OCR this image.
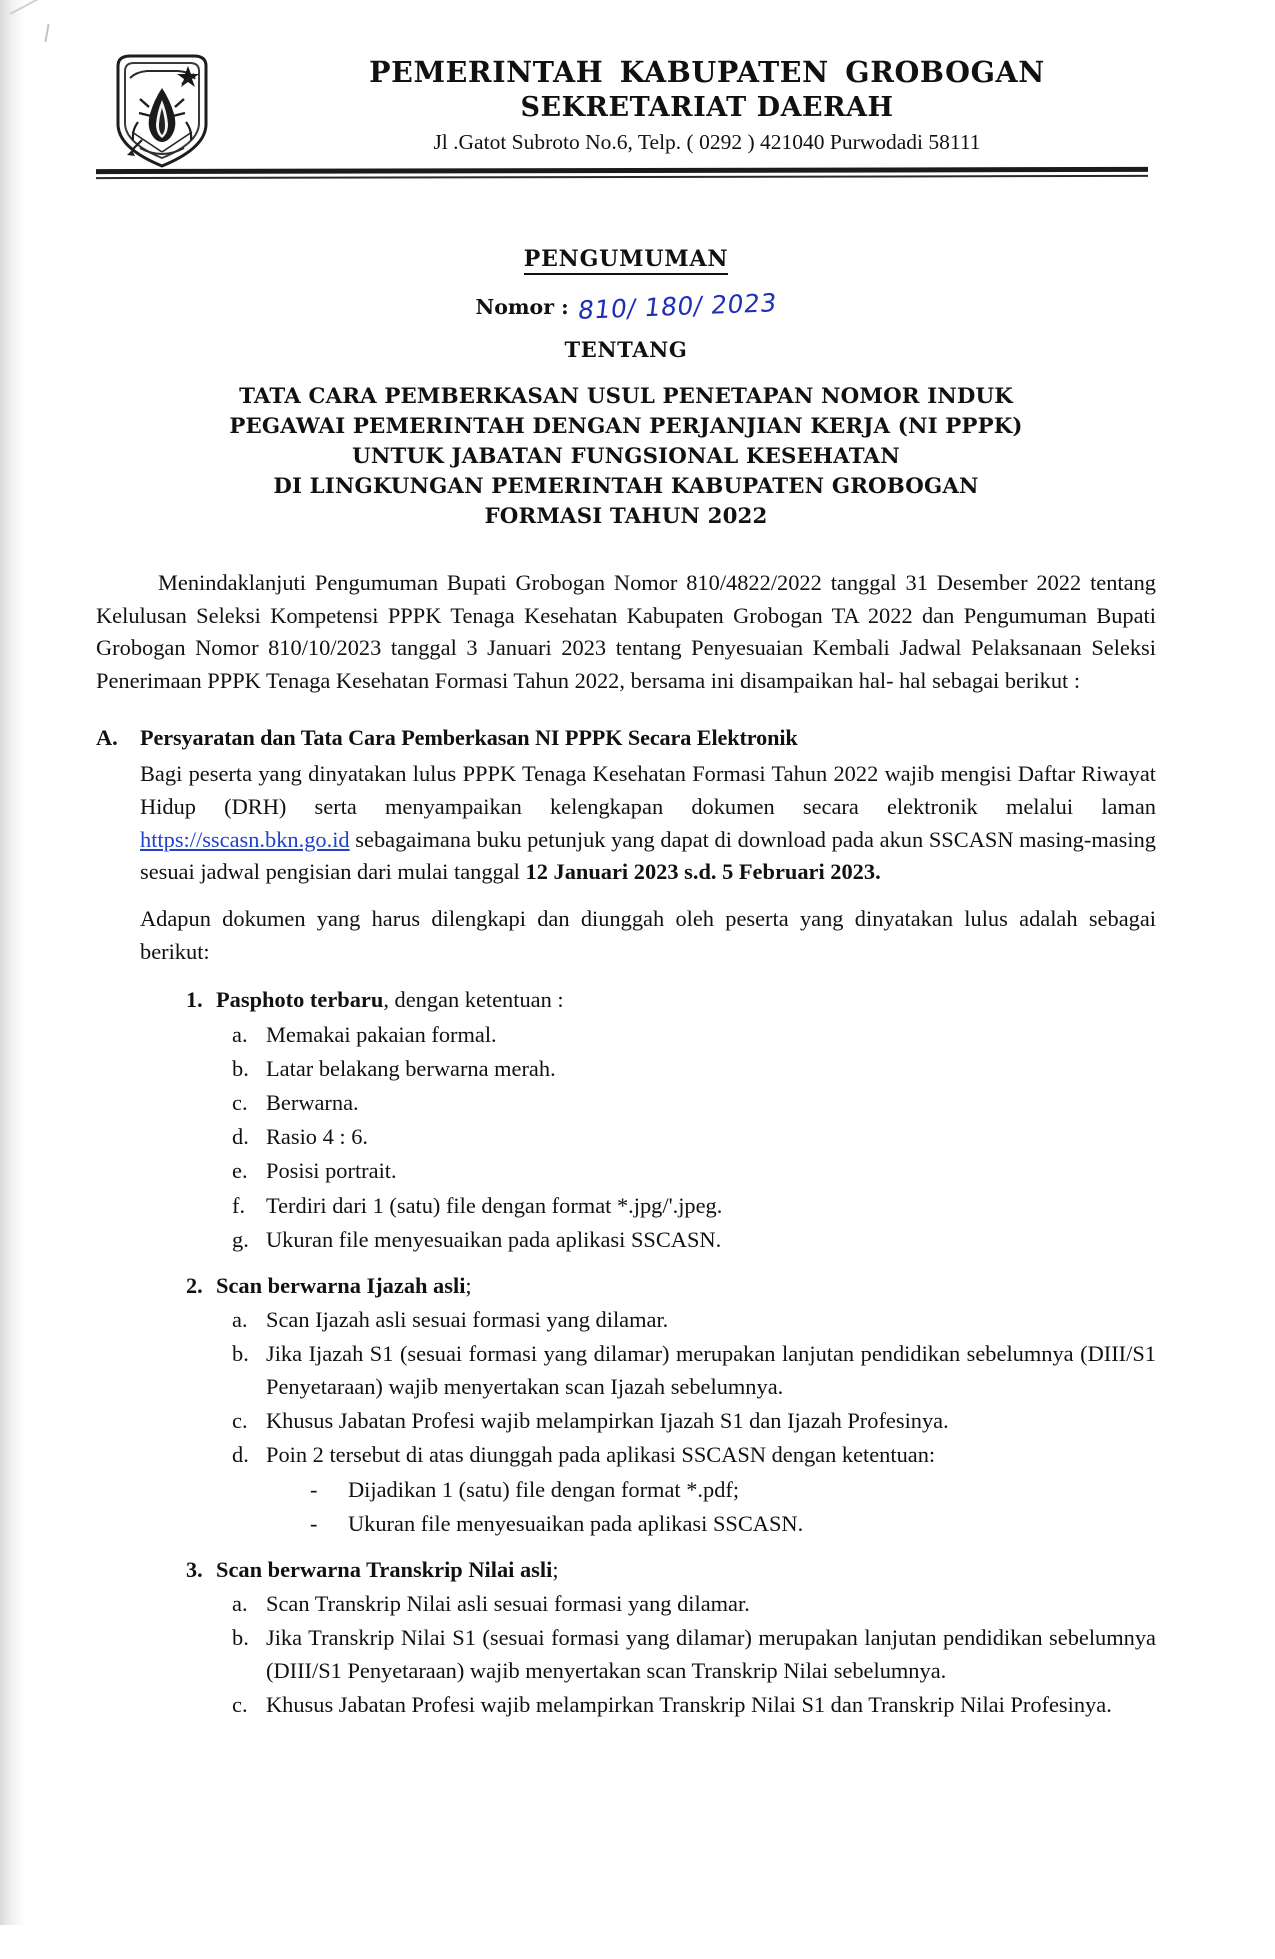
PEMERINTAH KABUPATEN GROBOGAN
SEKRETARIAT DAERAH
Jl .Gatot Subroto No.6, Telp. ( 0292 ) 421040 Purwodadi 58111
PENGUMUMAN
Nomor : 810/ 180/ 2023
TENTANG
TATA CARA PEMBERKASAN USUL PENETAPAN NOMOR INDUK
PEGAWAI PEMERINTAH DENGAN PERJANJIAN KERJA (NI PPPK)
UNTUK JABATAN FUNGSIONAL KESEHATAN
DI LINGKUNGAN PEMERINTAH KABUPATEN GROBOGAN
FORMASI TAHUN 2022
Menindaklanjuti Pengumuman Bupati Grobogan Nomor 810/4822/2022 tanggal 31 Desember 2022 tentang Kelulusan Seleksi Kompetensi PPPK Tenaga Kesehatan Kabupaten Grobogan TA 2022 dan Pengumuman Bupati Grobogan Nomor 810/10/2023 tanggal 3 Januari 2023 tentang Penyesuaian Kembali Jadwal Pelaksanaan Seleksi Penerimaan PPPK Tenaga Kesehatan Formasi Tahun 2022, bersama ini disampaikan hal- hal sebagai berikut :
A.	Persyaratan dan Tata Cara Pemberkasan NI PPPK Secara Elektronik
Bagi peserta yang dinyatakan lulus PPPK Tenaga Kesehatan Formasi Tahun 2022 wajib mengisi Daftar Riwayat Hidup (DRH) serta menyampaikan kelengkapan dokumen secara elektronik melalui laman https://sscasn.bkn.go.id sebagaimana buku petunjuk yang dapat di download pada akun SSCASN masing-masing sesuai jadwal pengisian dari mulai tanggal 12 Januari 2023 s.d. 5 Februari 2023.
Adapun dokumen yang harus dilengkapi dan diunggah oleh peserta yang dinyatakan lulus adalah sebagai berikut:
1. Pasphoto terbaru, dengan ketentuan :
a. Memakai pakaian formal.
b. Latar belakang berwarna merah.
c. Berwarna.
d. Rasio 4 : 6.
e. Posisi portrait.
f. Terdiri dari 1 (satu) file dengan format *.jpg/'.jpeg.
g. Ukuran file menyesuaikan pada aplikasi SSCASN.
2. Scan berwarna Ijazah asli;
a. Scan Ijazah asli sesuai formasi yang dilamar.
b. Jika Ijazah S1 (sesuai formasi yang dilamar) merupakan lanjutan pendidikan sebelumnya (DIII/S1 Penyetaraan) wajib menyertakan scan Ijazah sebelumnya.
c. Khusus Jabatan Profesi wajib melampirkan Ijazah S1 dan Ijazah Profesinya.
d. Poin 2 tersebut di atas diunggah pada aplikasi SSCASN dengan ketentuan:
-	Dijadikan 1 (satu) file dengan format *.pdf;
-	Ukuran file menyesuaikan pada aplikasi SSCASN.
3. Scan berwarna Transkrip Nilai asli;
a. Scan Transkrip Nilai asli sesuai formasi yang dilamar.
b. Jika Transkrip Nilai S1 (sesuai formasi yang dilamar) merupakan lanjutan pendidikan sebelumnya (DIII/S1 Penyetaraan) wajib menyertakan scan Transkrip Nilai sebelumnya.
c. Khusus Jabatan Profesi wajib melampirkan Transkrip Nilai S1 dan Transkrip Nilai Profesinya.
